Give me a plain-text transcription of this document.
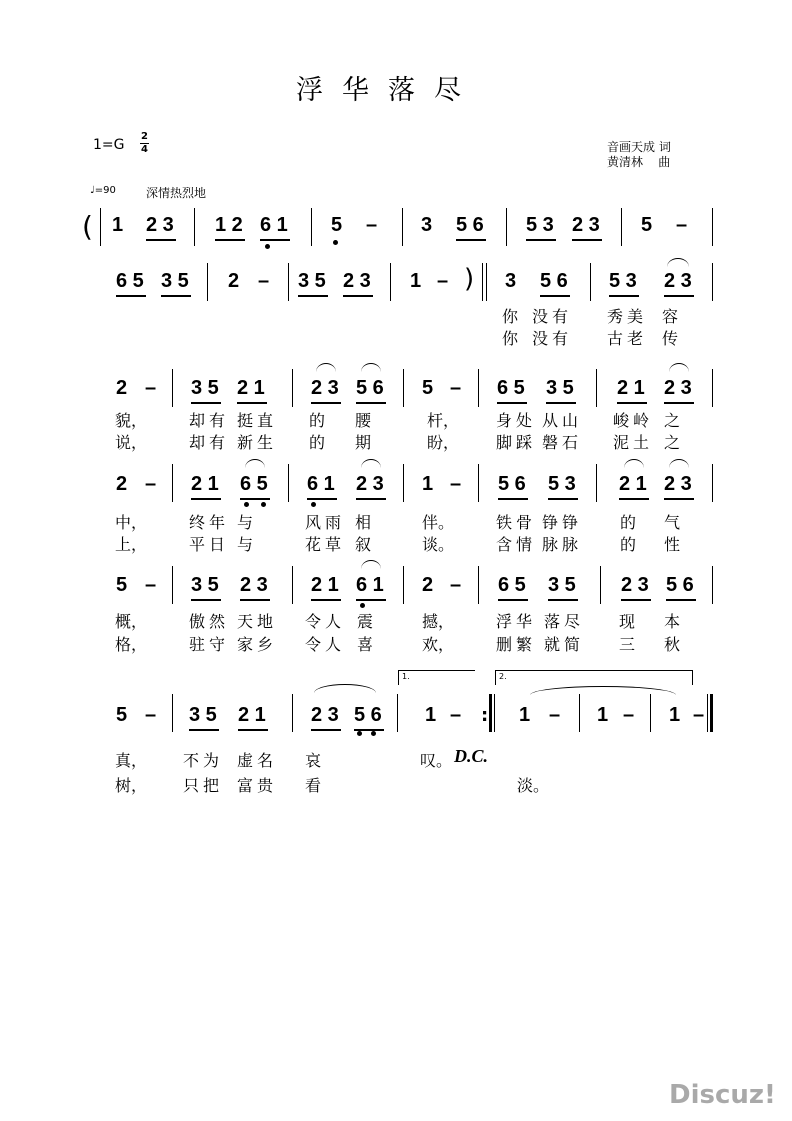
浮华落尽
1=G
2
4	音画天成 词
黄清林    曲
♩=90	深情热烈地
( 1 2 3 1 2 6 1 5 – 3 5 6 5 3 2 3 5 –
6 5 3 5 2 – 3 5 2 3 1 – ) 3 5 6 5 3 2 3
你 没有 秀美 容
你 没有 古老 传
2 – 3 5 2 1 2 3 5 6 5 – 6 5 3 5 2 1 2 3
貌，	却有 挺直 的 腰	杆， 身处 从山 峻岭 之
说，	却有 新生 的 期	盼， 脚踩 磐石 泥土 之
2 – 2 1 6 5 6 1 2 3 1 – 5 6 5 3 2 1 2 3
中，	终年 与	风雨 相	伴。	铁骨 铮铮 的 气
上，	平日 与	花草 叙	谈。	含情 脉脉 的 性
5 – 3 5 2 3 2 1 6 1 2 – 6 5 3 5 2 3 5 6
概，	傲然 天地 令人 震	撼，	浮华 落尽 现 本
格，	驻守 家乡 令人 喜	欢，	删繁 就简 三 秋
1.	2.
5 – 3 5 2 1 2 3 5 6 1 – : 1 – 1 – 1 –
真， 不为 虚名 哀	叹。 D.C.
树， 只把 富贵 看	淡。
Discuz!
